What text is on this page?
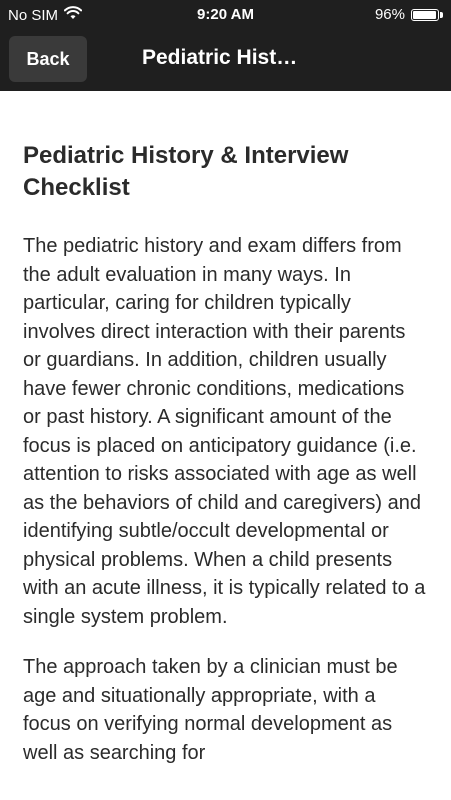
No SIM	9:20 AM	96%
Back	Pediatric Hist…
Pediatric History & Interview Checklist

The pediatric history and exam differs from the adult evaluation in many ways. In particular, caring for children typically involves direct interaction with their parents or guardians. In addition, children usually have fewer chronic conditions, medications or past history. A significant amount of the focus is placed on anticipatory guidance (i.e. attention to risks associated with age as well as the behaviors of child and caregivers) and identifying subtle/occult developmental or physical problems. When a child presents with an acute illness, it is typically related to a single system problem.

The approach taken by a clinician must be age and situationally appropriate, with a focus on verifying normal development as well as searching for
